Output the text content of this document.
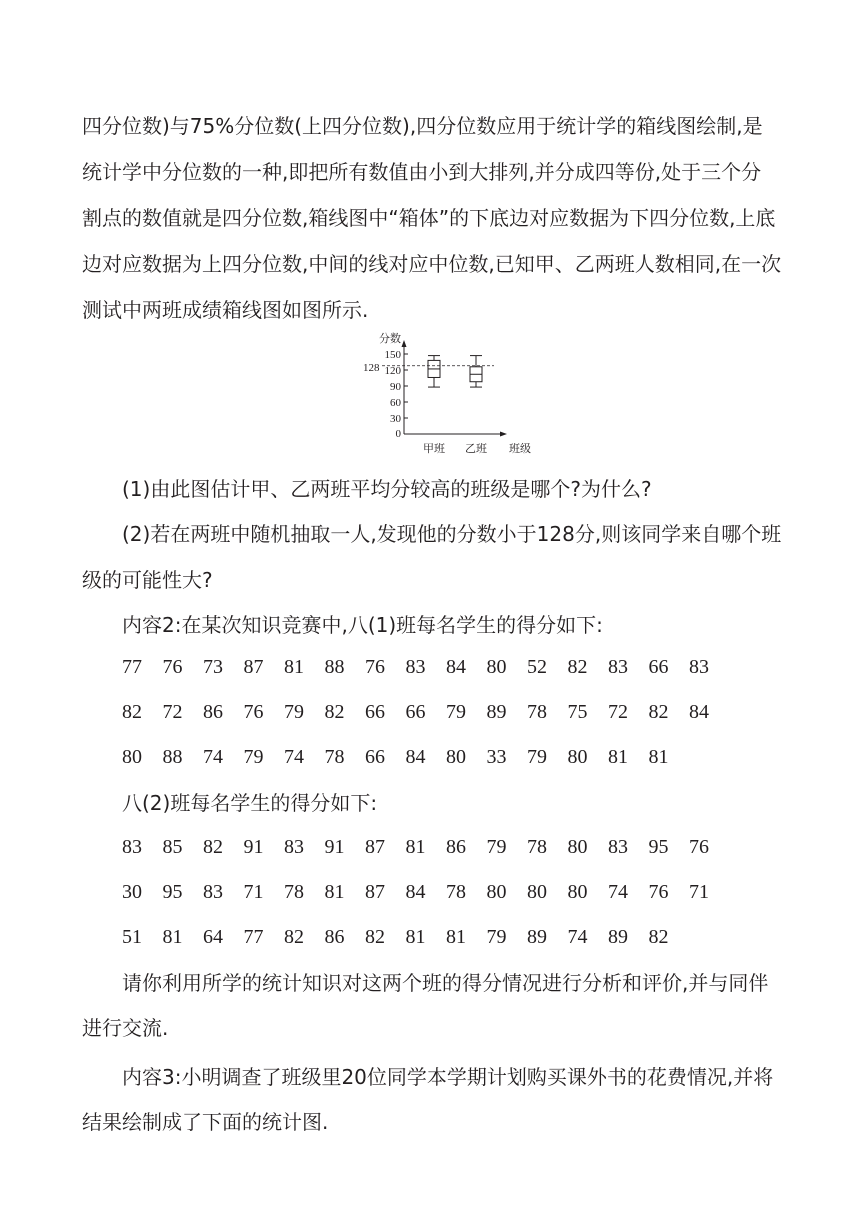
四分位数)与75%分位数(上四分位数),四分位数应用于统计学的箱线图绘制,是
统计学中分位数的一种,即把所有数值由小到大排列,并分成四等份,处于三个分
割点的数值就是四分位数,箱线图中“箱体”的下底边对应数据为下四分位数,上底
边对应数据为上四分位数,中间的线对应中位数,已知甲、乙两班人数相同,在一次
测试中两班成绩箱线图如图所示.
分数
班级
150
120
90
60
30
0
128
甲班 乙班
(1)由此图估计甲、乙两班平均分较高的班级是哪个?为什么?
(2)若在两班中随机抽取一人,发现他的分数小于128分,则该同学来自哪个班
级的可能性大?
内容2:在某次知识竞赛中,八(1)班每名学生的得分如下:
77 76 73 87 81 88 76 83 84 80 52 82 83 66 83
82 72 86 76 79 82 66 66 79 89 78 75 72 82 84
80 88 74 79 74 78 66 84 80 33 79 80 81 81
八(2)班每名学生的得分如下:
83 85 82 91 83 91 87 81 86 79 78 80 83 95 76
30 95 83 71 78 81 87 84 78 80 80 80 74 76 71
51 81 64 77 82 86 82 81 81 79 89 74 89 82
请你利用所学的统计知识对这两个班的得分情况进行分析和评价,并与同伴
进行交流.
内容3:小明调查了班级里20位同学本学期计划购买课外书的花费情况,并将
结果绘制成了下面的统计图.
